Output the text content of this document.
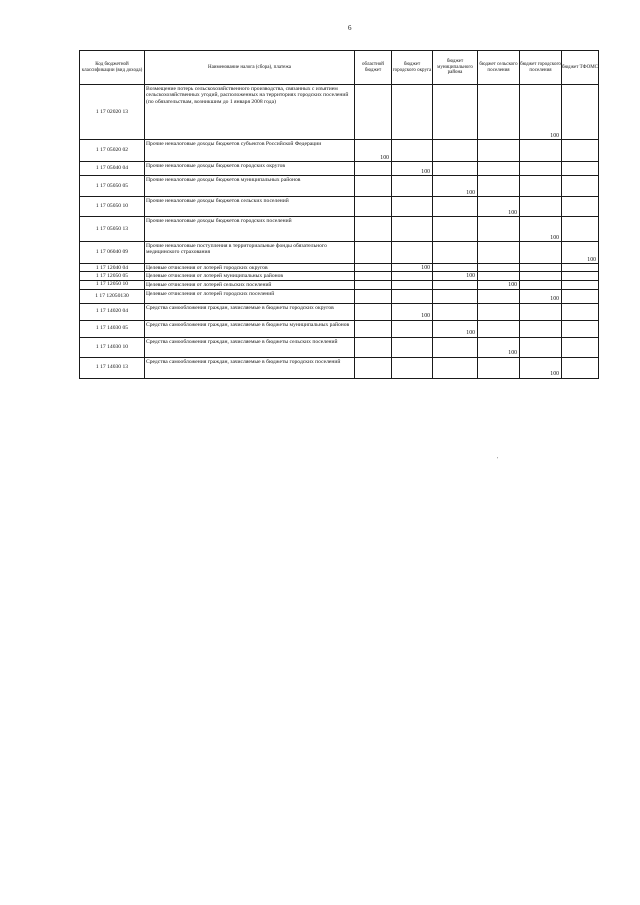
6
Код бюджетной классификации (вид дохода)	Наименование налога (сбора), платежа	областной бюджет	бюджет городского округа	бюджет муниципального района	бюджет сельского поселения	бюджет городского поселения	бюджет ТФОМС
1 17 02020 13	Возмещение потерь сельскохозяйственного производства, связанных с изъятием сельскохозяйственных угодий, расположенных на территориях городских поселений (по обязательствам, возникшим до 1 января 2008 года)					100	
1 17 05020 02	Прочие неналоговые доходы бюджетов субъектов Российской Федерации	100					
1 17 05040 04	Прочие неналоговые доходы бюджетов городских округов		100				
1 17 05050 05	Прочие неналоговые доходы бюджетов муниципальных районов			100			
1 17 05050 10	Прочие неналоговые доходы бюджетов сельских поселений				100		
1 17 05050 13	Прочие неналоговые доходы бюджетов городских поселений					100	
1 17 06040 09	Прочие неналоговые поступления в территориальные фонды обязательного медицинского страхования						100
1 17 12040 04	Целевые отчисления от лотерей городских округов		100				
1 17 12050 05	Целевые отчисления от лотерей муниципальных районов			100			
1 17 12050 10	Целевые отчисления от лотерей сельских поселений				100		
1 17 12050130	Целевые отчисления от лотерей городских поселений					100	
1 17 14020 04	Средства самообложения граждан, зачисляемые в бюджеты городских округов		100				
1 17 14030 05	Средства самообложения граждан, зачисляемые в бюджеты муниципальных районов			100			
1 17 14030 10	Средства самообложения граждан, зачисляемые в бюджеты сельских поселений				100		
1 17 14030 13	Средства самообложения граждан, зачисляемые в бюджеты городских поселений					100	
'
